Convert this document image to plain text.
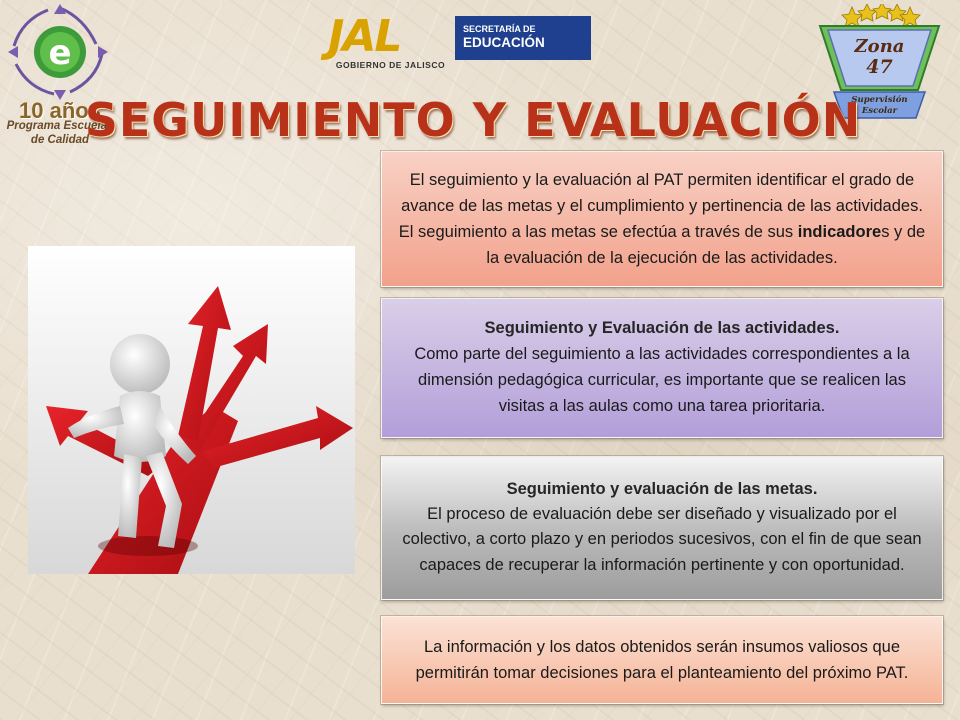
e
10 años
Programa Escuelas
de Calidad
JAL
GOBIERNO DE JALISCO
SECRETARÍA DE
EDUCACIÓN	Zona
47
Supervisión
Escolar
SEGUIMIENTO Y EVALUACIÓN

El seguimiento y la evaluación al PAT permiten identificar el grado de avance de las metas y el cumplimiento y pertinencia de las actividades. El seguimiento a las metas se efectúa a través de sus indicadores y de la evaluación de la ejecución de las actividades.

Seguimiento y Evaluación de las actividades.

Como parte del seguimiento a las actividades correspondientes a la dimensión pedagógica curricular, es importante que se realicen las visitas a las aulas como una tarea prioritaria.

Seguimiento y evaluación de las metas.

El proceso de evaluación debe ser diseñado y visualizado por el colectivo, a corto plazo y en periodos sucesivos, con el fin de que sean capaces de recuperar la información pertinente y con oportunidad.

La información y los datos obtenidos serán insumos valiosos que permitirán tomar decisiones para el planteamiento del próximo PAT.
